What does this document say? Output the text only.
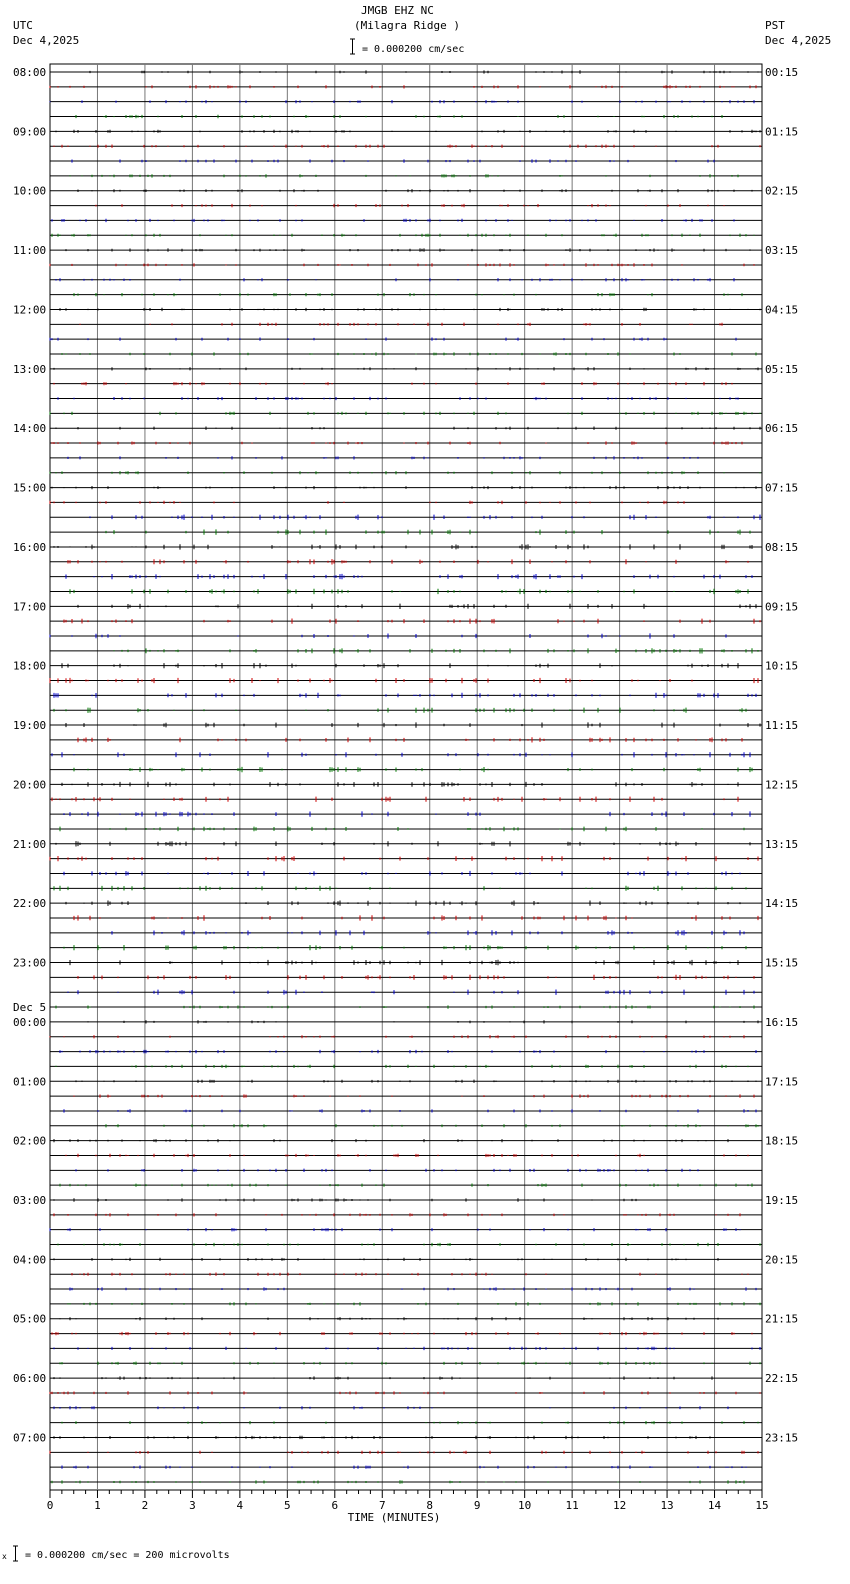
JMGB EHZ NC
(Milagra Ridge )
UTC
Dec 4,2025
PST
Dec 4,2025
= 0.000200 cm/sec
08:00	00:15
09:00	01:15
10:00	02:15
11:00	03:15
12:00	04:15
13:00	05:15
14:00	06:15
15:00	07:15
16:00	08:15
17:00	09:15
18:00	10:15
19:00	11:15
20:00	12:15
21:00	13:15
22:00	14:15
23:00	15:15
00:00	16:15
Dec 5
01:00	17:15
02:00	18:15
03:00	19:15
04:00	20:15
05:00	21:15
06:00	22:15
07:00	23:15
0	1	2	3	4	5	6	7	8	9	10	11	12	13	14	15
TIME (MINUTES)
x = 0.000200 cm/sec = 200 microvolts
